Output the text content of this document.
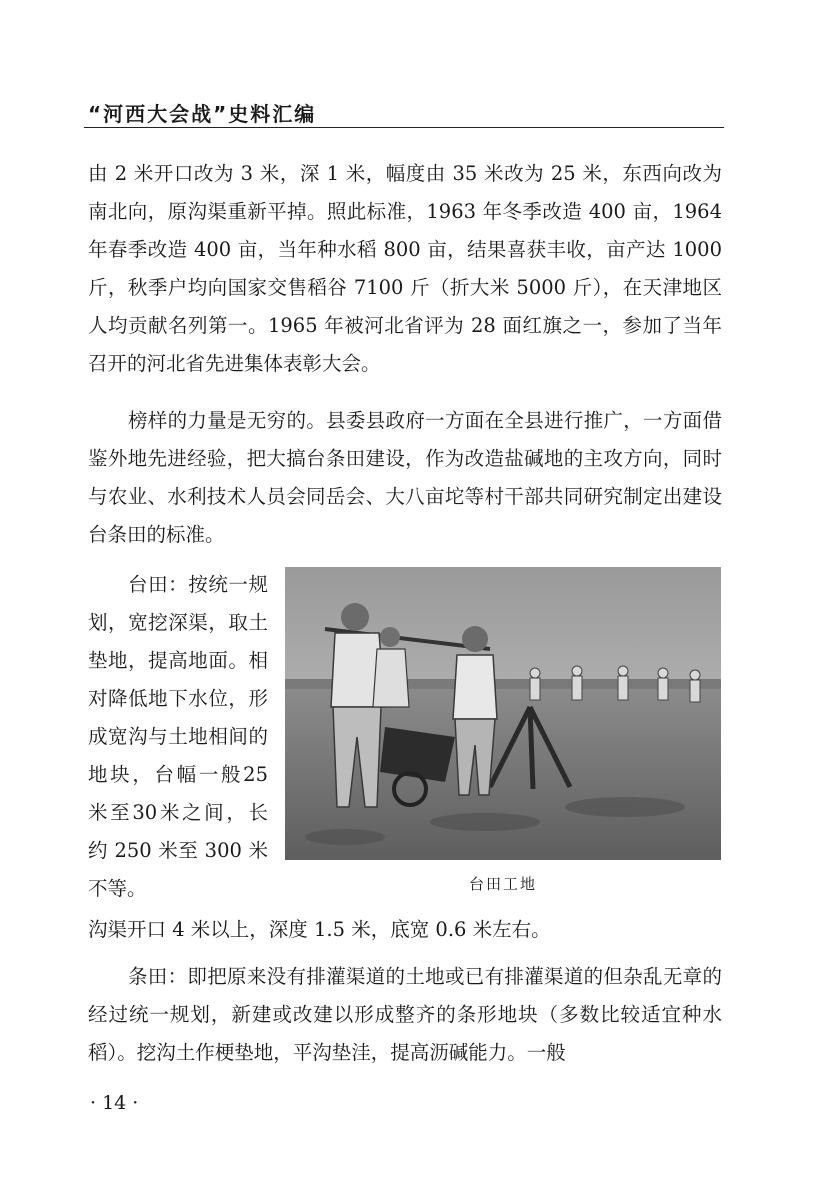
“河西大会战”史料汇编

由 2 米开口改为 3 米，深 1 米，幅度由 35 米改为 25 米，东西向改为南北向，原沟渠重新平掉。照此标准，1963 年冬季改造 400 亩，1964 年春季改造 400 亩，当年种水稻 800 亩，结果喜获丰收，亩产达 1000 斤，秋季户均向国家交售稻谷 7100 斤（折大米 5000 斤），在天津地区人均贡献名列第一。1965 年被河北省评为 28 面红旗之一，参加了当年召开的河北省先进集体表彰大会。

榜样的力量是无穷的。县委县政府一方面在全县进行推广，一方面借鉴外地先进经验，把大搞台条田建设，作为改造盐碱地的主攻方向，同时与农业、水利技术人员会同岳会、大八亩坨等村干部共同研究制定出建设台条田的标准。

台田：按统一规划，宽挖深渠，取土垫地，提高地面。相对降低地下水位，形成宽沟与土地相间的地块，台幅一般25米至30米之间，长约 250 米至 300 米不等。	台田工地

沟渠开口 4 米以上，深度 1.5 米，底宽 0.6 米左右。

条田：即把原来没有排灌渠道的土地或已有排灌渠道的但杂乱无章的经过统一规划，新建或改建以形成整齐的条形地块（多数比较适宜种水稻）。挖沟土作梗垫地，平沟垫洼，提高沥碱能力。一般

· 14 ·
